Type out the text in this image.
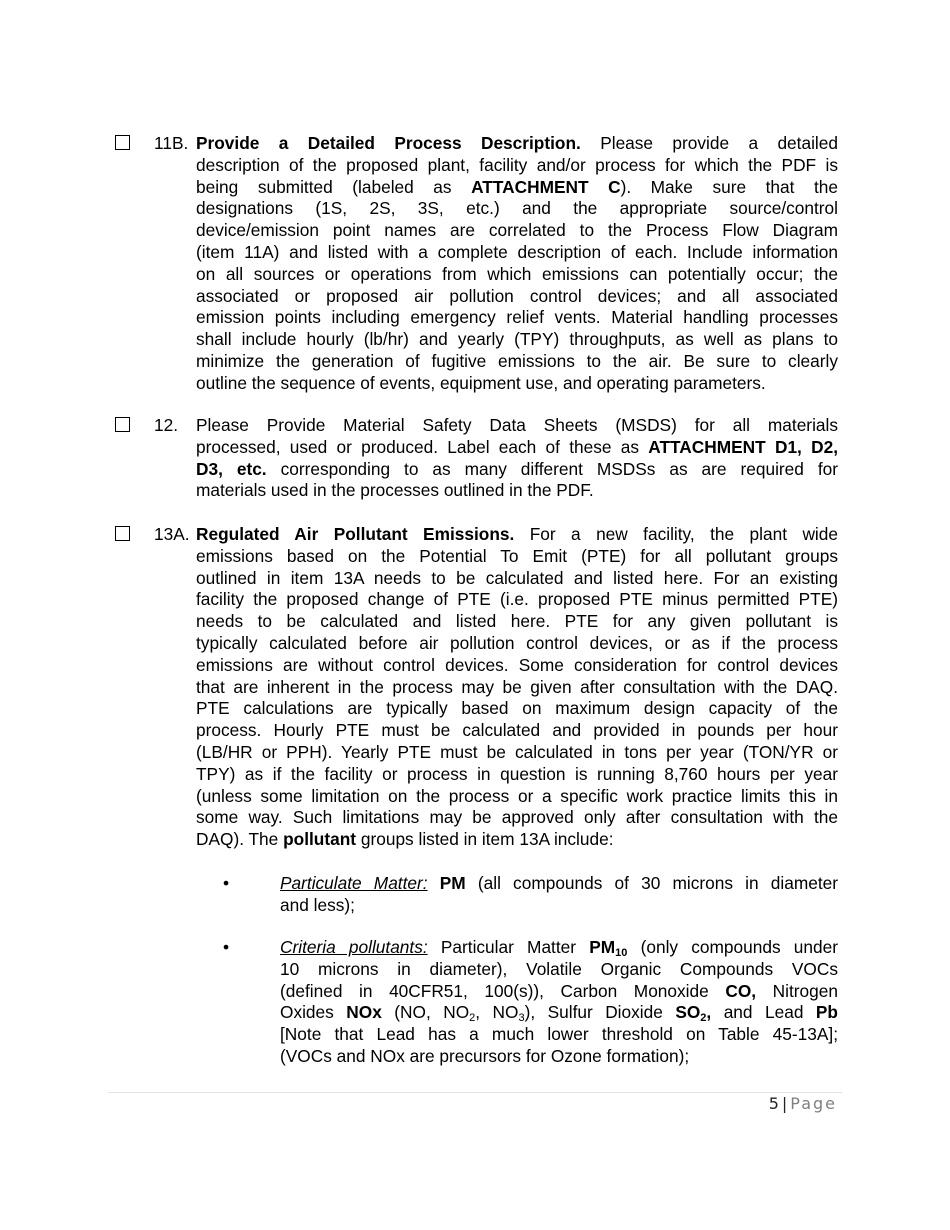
11B. Provide a Detailed Process Description. Please provide a detailed
description of the proposed plant, facility and/or process for which the PDF is
being submitted (labeled as ATTACHMENT C). Make sure that the
designations (1S, 2S, 3S, etc.) and the appropriate source/control
device/emission point names are correlated to the Process Flow Diagram
(item 11A) and listed with a complete description of each. Include information
on all sources or operations from which emissions can potentially occur; the
associated or proposed air pollution control devices; and all associated
emission points including emergency relief vents. Material handling processes
shall include hourly (lb/hr) and yearly (TPY) throughputs, as well as plans to
minimize the generation of fugitive emissions to the air. Be sure to clearly
outline the sequence of events, equipment use, and operating parameters.
12. Please Provide Material Safety Data Sheets (MSDS) for all materials
processed, used or produced. Label each of these as ATTACHMENT D1, D2,
D3, etc. corresponding to as many different MSDSs as are required for
materials used in the processes outlined in the PDF.
13A. Regulated Air Pollutant Emissions. For a new facility, the plant wide
emissions based on the Potential To Emit (PTE) for all pollutant groups
outlined in item 13A needs to be calculated and listed here. For an existing
facility the proposed change of PTE (i.e. proposed PTE minus permitted PTE)
needs to be calculated and listed here. PTE for any given pollutant is
typically calculated before air pollution control devices, or as if the process
emissions are without control devices. Some consideration for control devices
that are inherent in the process may be given after consultation with the DAQ.
PTE calculations are typically based on maximum design capacity of the
process. Hourly PTE must be calculated and provided in pounds per hour
(LB/HR or PPH). Yearly PTE must be calculated in tons per year (TON/YR or
TPY) as if the facility or process in question is running 8,760 hours per year
(unless some limitation on the process or a specific work practice limits this in
some way. Such limitations may be approved only after consultation with the
DAQ). The pollutant groups listed in item 13A include:
•	Particulate Matter: PM (all compounds of 30 microns in diameter
and less);
•	Criteria pollutants: Particular Matter $PM_{10}$ (only compounds under
10 microns in diameter), Volatile Organic Compounds VOCs
(defined in 40CFR51, 100(s)), Carbon Monoxide CO, Nitrogen
Oxides NOx (NO, $NO_2$, $NO_3$), Sulfur Dioxide $SO_2$, and Lead Pb
[Note that Lead has a much lower threshold on Table 45-13A];
(VOCs and NOx are precursors for Ozone formation);
5 | Page
